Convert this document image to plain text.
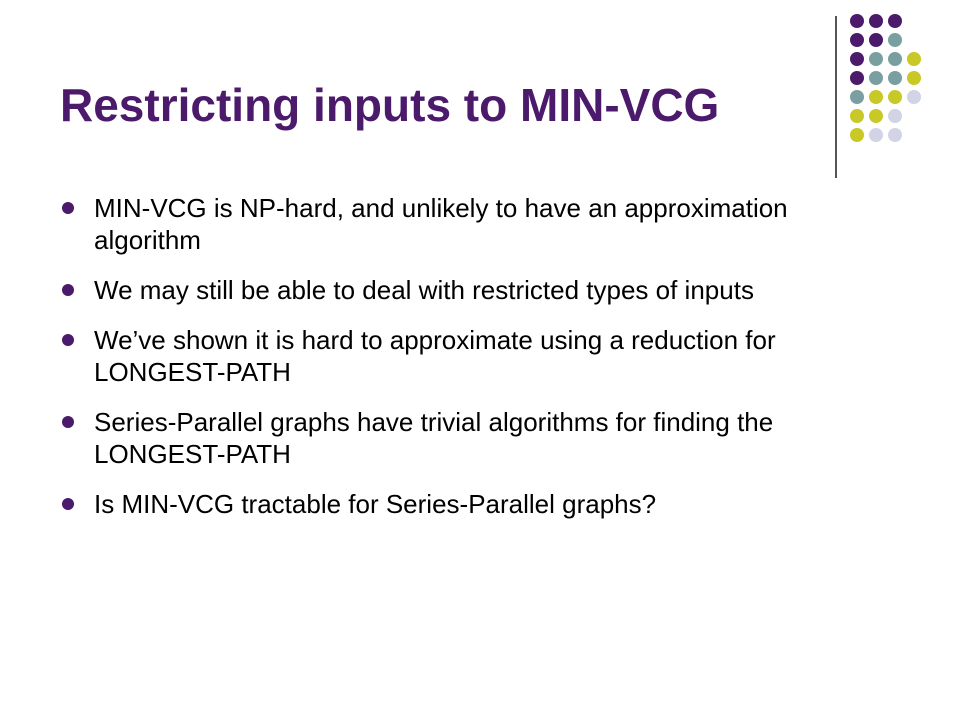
Restricting inputs to MIN-VCG
MIN-VCG is NP-hard, and unlikely to have an approximation algorithm
We may still be able to deal with restricted types of inputs
We’ve shown it is hard to approximate using a reduction for LONGEST-PATH
Series-Parallel graphs have trivial algorithms for finding the LONGEST-PATH
Is MIN-VCG tractable for Series-Parallel graphs?
